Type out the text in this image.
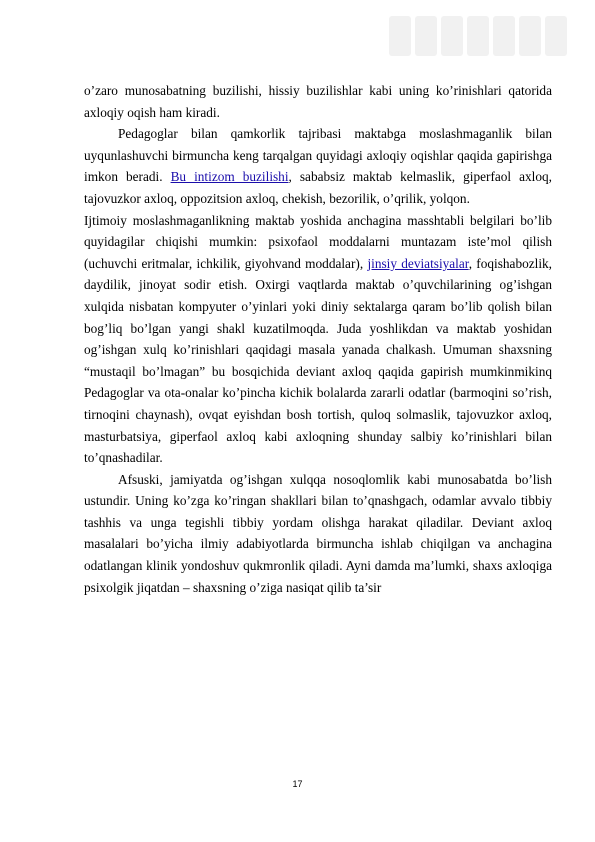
o’zaro munosabatning buzilishi, hissiy buzilishlar kabi uning ko’rinishlari qatorida axloqiy oqish ham kiradi.

Pedagoglar bilan qamkorlik tajribasi maktabga moslashmaganlik bilan uyqunlashuvchi birmuncha keng tarqalgan quyidagi axloqiy oqishlar qaqida gapirishga imkon beradi. Bu intizom buzilishi, sababsiz maktab kelmaslik, giperfaol axloq, tajovuzkor axloq, oppozitsion axloq, chekish, bezorilik, o’qrilik, yolqon.

Ijtimoiy moslashmaganlikning maktab yoshida anchagina masshtabli belgilari bo’lib quyidagilar chiqishi mumkin: psixofaol moddalarni muntazam iste’mol qilish (uchuvchi eritmalar, ichkilik, giyohvand moddalar), jinsiy deviatsiyalar, foqishabozlik, daydilik, jinoyat sodir etish. Oxirgi vaqtlarda maktab o’quvchilarining og’ishgan xulqida nisbatan kompyuter o’yinlari yoki diniy sektalarga qaram bo’lib qolish bilan bog’liq bo’lgan yangi shakl kuzatilmoqda. Juda yoshlikdan va maktab yoshidan og’ishgan xulq ko’rinishlari qaqidagi masala yanada chalkash. Umuman shaxsning “mustaqil bo’lmagan” bu bosqichida deviant axloq qaqida gapirish mumkinmikinq Pedagoglar va ota-onalar ko’pincha kichik bolalarda zararli odatlar (barmoqini so’rish, tirnoqini chaynash), ovqat eyishdan bosh tortish, quloq solmaslik, tajovuzkor axloq, masturbatsiya, giperfaol axloq kabi axloqning shunday salbiy ko’rinishlari bilan to’qnashadilar.

Afsuski, jamiyatda og’ishgan xulqqa nosoqlomlik kabi munosabatda bo’lish ustundir. Uning ko’zga ko’ringan shakllari bilan to’qnashgach, odamlar avvalo tibbiy tashhis va unga tegishli tibbiy yordam olishga harakat qiladilar. Deviant axloq masalalari bo’yicha ilmiy adabiyotlarda birmuncha ishlab chiqilgan va anchagina odatlangan klinik yondoshuv qukmronlik qiladi. Ayni damda ma’lumki, shaxs axloqiga psixolgik jiqatdan – shaxsning o’ziga nasiqat qilib ta’sir

17
